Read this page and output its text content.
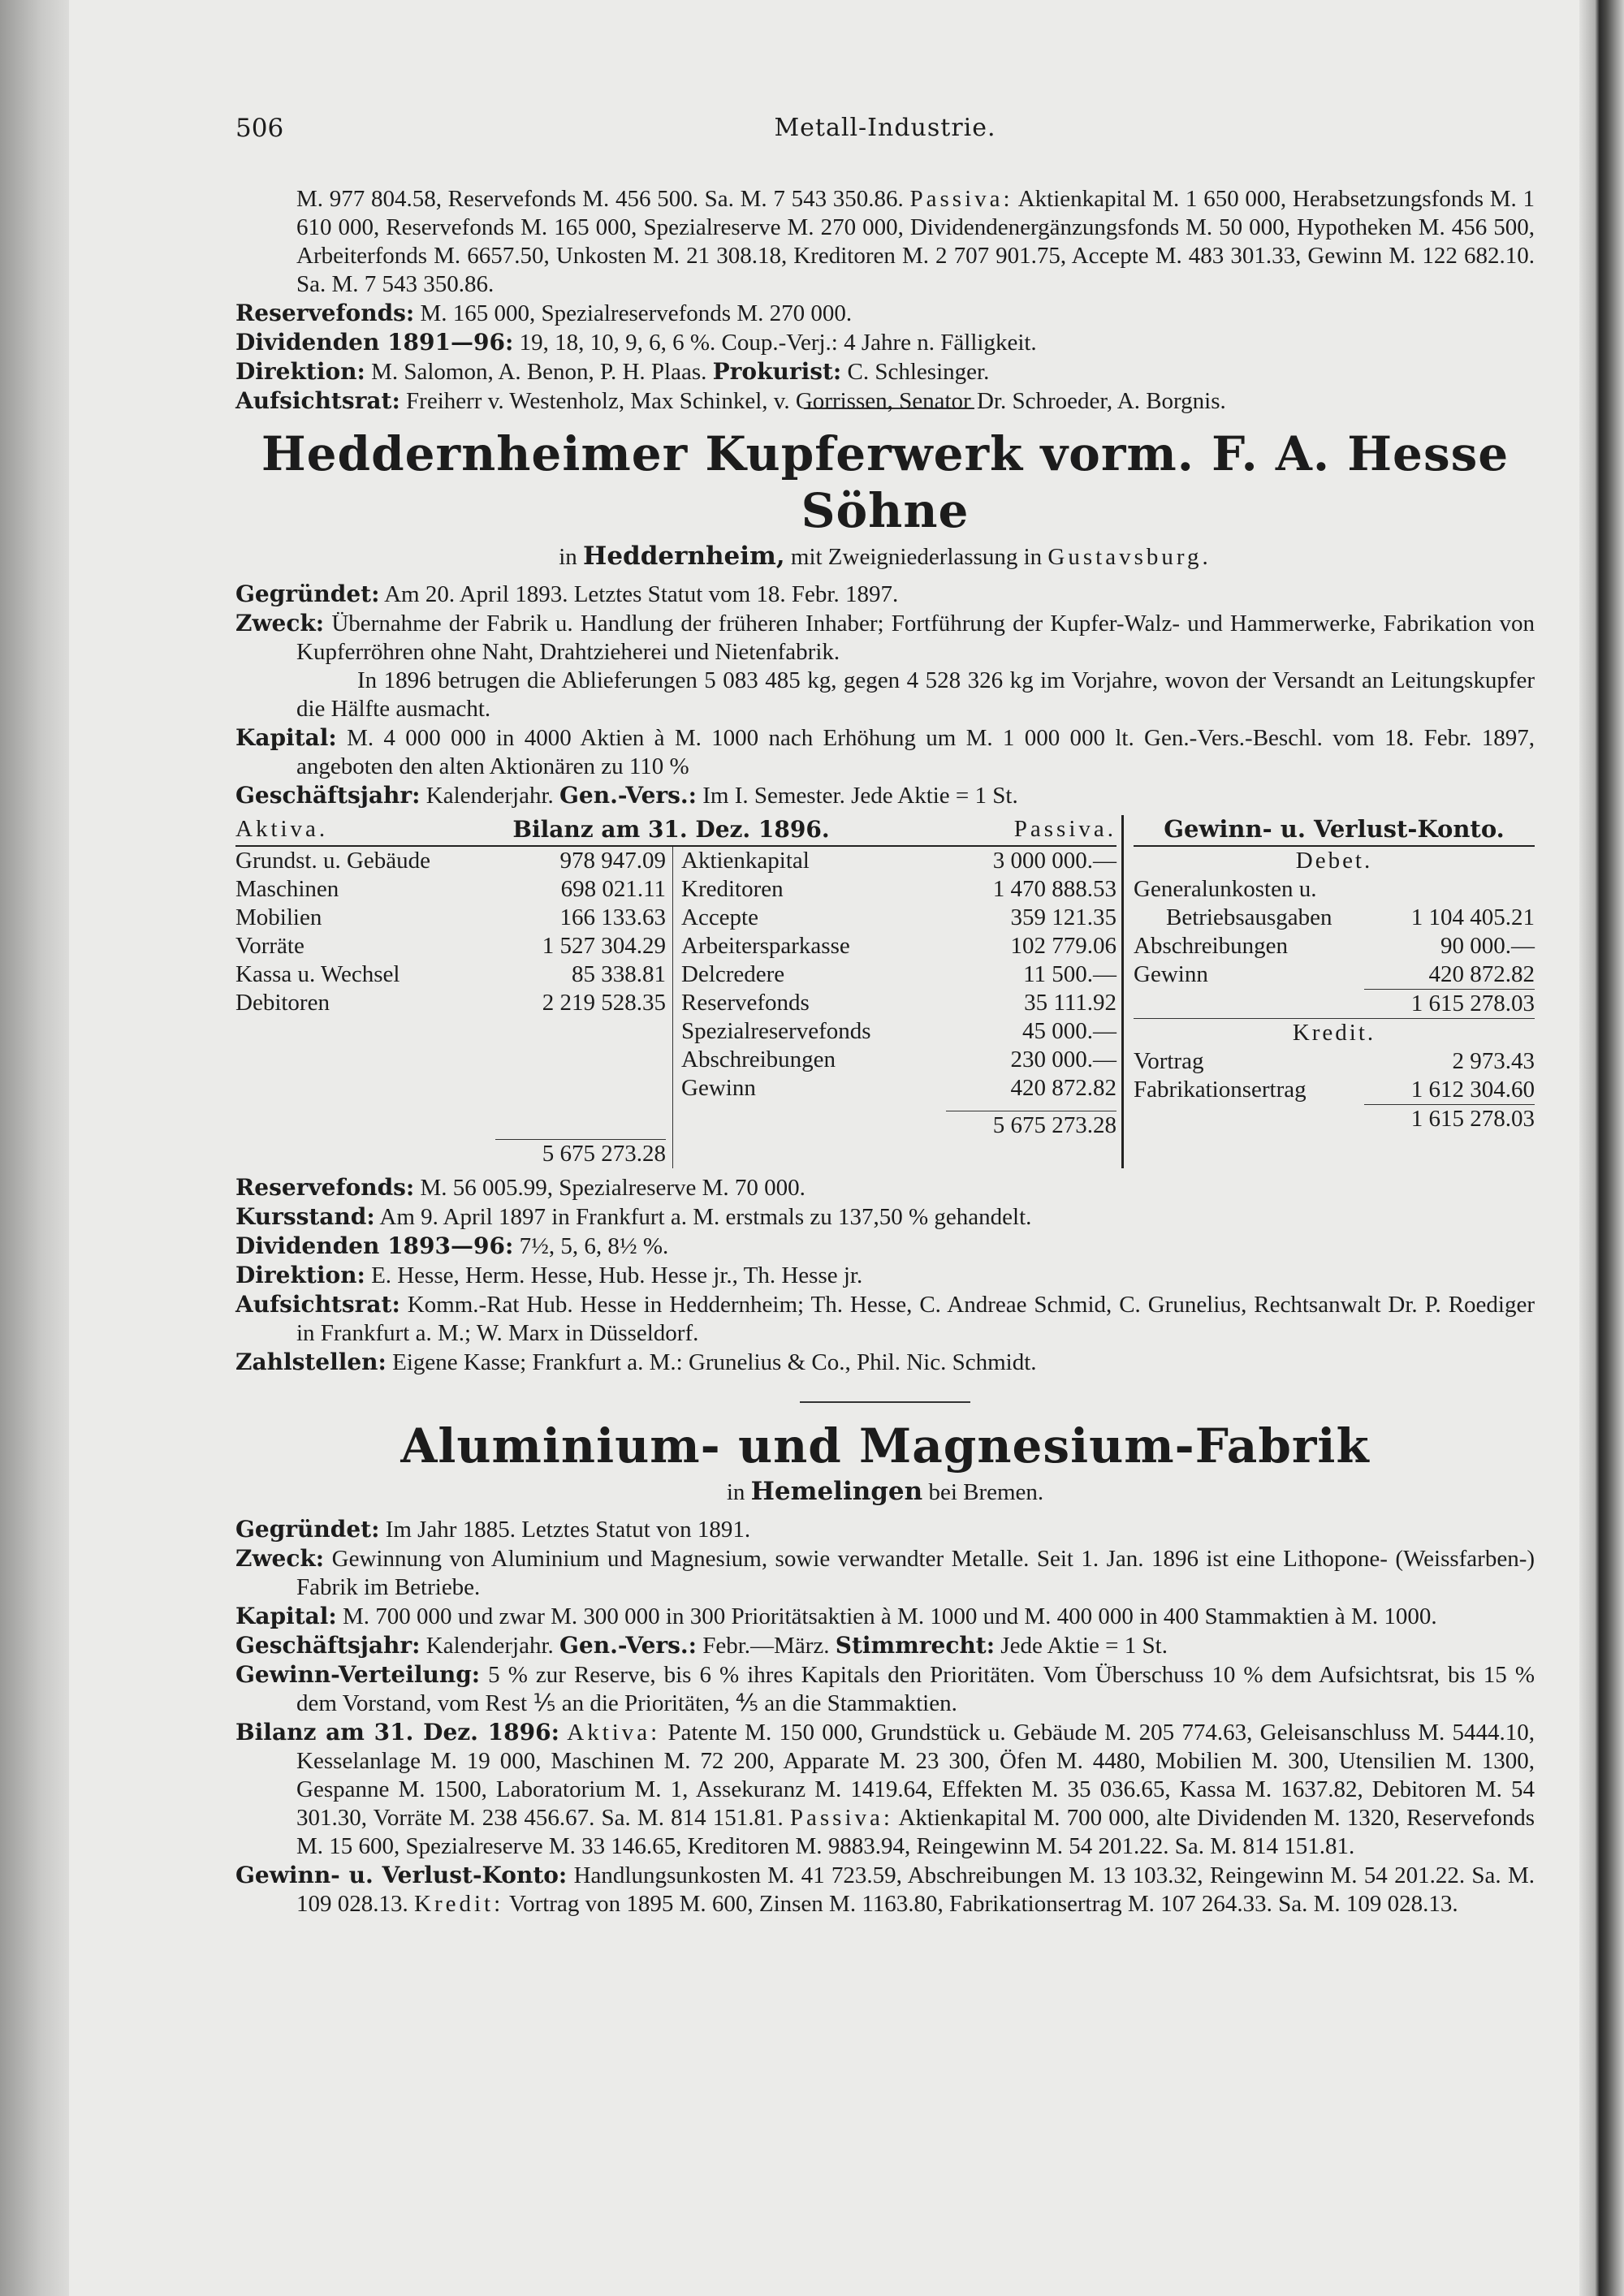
506	Metall-Industrie.

M. 977 804.58, Reservefonds M. 456 500. Sa. M. 7 543 350.86. Passiva: Aktienkapital M. 1 650 000, Herabsetzungsfonds M. 1 610 000, Reservefonds M. 165 000, Spezialreserve M. 270 000, Dividendenergänzungsfonds M. 50 000, Hypotheken M. 456 500, Arbeiterfonds M. 6657.50, Unkosten M. 21 308.18, Kreditoren M. 2 707 901.75, Accepte M. 483 301.33, Gewinn M. 122 682.10. Sa. M. 7 543 350.86.

Reservefonds: M. 165 000, Spezialreservefonds M. 270 000.

Dividenden 1891—96: 19, 18, 10, 9, 6, 6 %. Coup.-Verj.: 4 Jahre n. Fälligkeit.

Direktion: M. Salomon, A. Benon, P. H. Plaas. Prokurist: C. Schlesinger.

Aufsichtsrat: Freiherr v. Westenholz, Max Schinkel, v. Gorrissen, Senator Dr. Schroeder, A. Borgnis.

Heddernheimer Kupferwerk vorm. F. A. Hesse Söhne
in Heddernheim, mit Zweigniederlassung in Gustavsburg.

Gegründet: Am 20. April 1893. Letztes Statut vom 18. Febr. 1897.

Zweck: Übernahme der Fabrik u. Handlung der früheren Inhaber; Fortführung der Kupfer-Walz- und Hammerwerke, Fabrikation von Kupferröhren ohne Naht, Drahtzieherei und Nietenfabrik.

In 1896 betrugen die Ablieferungen 5 083 485 kg, gegen 4 528 326 kg im Vorjahre, wovon der Versandt an Leitungskupfer die Hälfte ausmacht.

Kapital: M. 4 000 000 in 4000 Aktien à M. 1000 nach Erhöhung um M. 1 000 000 lt. Gen.-Vers.-Beschl. vom 18. Febr. 1897, angeboten den alten Aktionären zu 110 %

Geschäftsjahr: Kalenderjahr. Gen.-Vers.: Im I. Semester. Jede Aktie = 1 St.

Aktiva.	Bilanz am 31. Dez. 1896.	Passiva.
Grundst. u. Gebäude	978 947.09
Maschinen	698 021.11
Mobilien	166 133.63
Vorräte	1 527 304.29
Kassa u. Wechsel	85 338.81
Debitoren	2 219 528.35
5 675 273.28
Aktienkapital	3 000 000.—
Kreditoren	1 470 888.53
Accepte	359 121.35
Arbeitersparkasse	102 779.06
Delcredere	11 500.—
Reservefonds	35 111.92
Spezialreservefonds	45 000.—
Abschreibungen	230 000.—
Gewinn	420 872.82
5 675 273.28
Gewinn- u. Verlust-Konto.
Debet.
Generalunkosten u.
Betriebsausgaben	1 104 405.21
Abschreibungen	90 000.—
Gewinn	420 872.82
1 615 278.03
Kredit.
Vortrag	2 973.43
Fabrikationsertrag	1 612 304.60
1 615 278.03

Reservefonds: M. 56 005.99, Spezialreserve M. 70 000.

Kursstand: Am 9. April 1897 in Frankfurt a. M. erstmals zu 137,50 % gehandelt.

Dividenden 1893—96: 7½, 5, 6, 8½ %.

Direktion: E. Hesse, Herm. Hesse, Hub. Hesse jr., Th. Hesse jr.

Aufsichtsrat: Komm.-Rat Hub. Hesse in Heddernheim; Th. Hesse, C. Andreae Schmid, C. Grunelius, Rechtsanwalt Dr. P. Roediger in Frankfurt a. M.; W. Marx in Düsseldorf.

Zahlstellen: Eigene Kasse; Frankfurt a. M.: Grunelius & Co., Phil. Nic. Schmidt.

Aluminium- und Magnesium-Fabrik
in Hemelingen bei Bremen.

Gegründet: Im Jahr 1885. Letztes Statut von 1891.

Zweck: Gewinnung von Aluminium und Magnesium, sowie verwandter Metalle. Seit 1. Jan. 1896 ist eine Lithopone- (Weissfarben-) Fabrik im Betriebe.

Kapital: M. 700 000 und zwar M. 300 000 in 300 Prioritätsaktien à M. 1000 und M. 400 000 in 400 Stammaktien à M. 1000.

Geschäftsjahr: Kalenderjahr. Gen.-Vers.: Febr.—März. Stimmrecht: Jede Aktie = 1 St.

Gewinn-Verteilung: 5 % zur Reserve, bis 6 % ihres Kapitals den Prioritäten. Vom Überschuss 10 % dem Aufsichtsrat, bis 15 % dem Vorstand, vom Rest ⅕ an die Prioritäten, ⅘ an die Stammaktien.

Bilanz am 31. Dez. 1896: Aktiva: Patente M. 150 000, Grundstück u. Gebäude M. 205 774.63, Geleisanschluss M. 5444.10, Kesselanlage M. 19 000, Maschinen M. 72 200, Apparate M. 23 300, Öfen M. 4480, Mobilien M. 300, Utensilien M. 1300, Gespanne M. 1500, Laboratorium M. 1, Assekuranz M. 1419.64, Effekten M. 35 036.65, Kassa M. 1637.82, Debitoren M. 54 301.30, Vorräte M. 238 456.67. Sa. M. 814 151.81. Passiva: Aktienkapital M. 700 000, alte Dividenden M. 1320, Reservefonds M. 15 600, Spezialreserve M. 33 146.65, Kreditoren M. 9883.94, Reingewinn M. 54 201.22. Sa. M. 814 151.81.

Gewinn- u. Verlust-Konto: Handlungsunkosten M. 41 723.59, Abschreibungen M. 13 103.32, Reingewinn M. 54 201.22. Sa. M. 109 028.13. Kredit: Vortrag von 1895 M. 600, Zinsen M. 1163.80, Fabrikationsertrag M. 107 264.33. Sa. M. 109 028.13.
